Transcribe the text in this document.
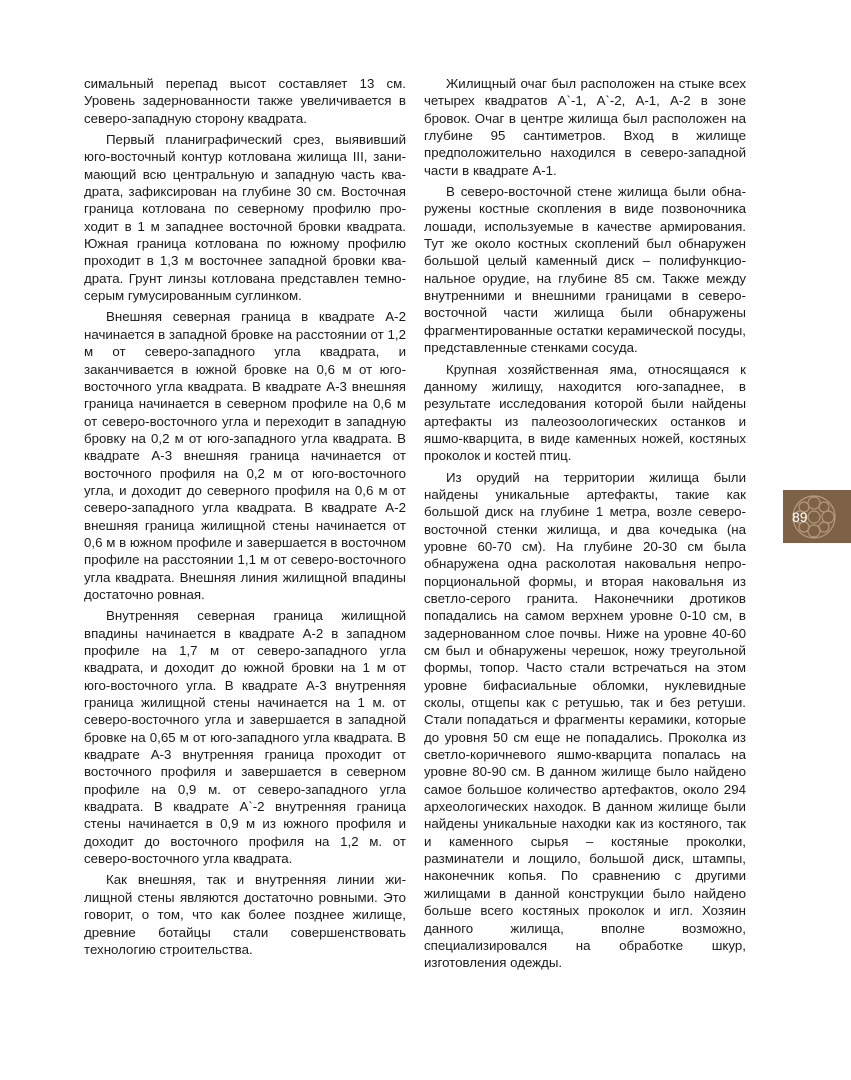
симальный перепад высот составляет 13 см. Уровень задернованности также увеличивается в северо-западную сторону квадрата.

Первый планиграфический срез, выявивший юго-восточный контур котлована жилища III, занимающий всю центральную и западную часть квадрата, зафиксирован на глубине 30 см. Восточная граница котлована по северному профилю проходит в 1 м западнее восточной бровки квадрата. Южная граница котлована по южному профилю проходит в 1,3 м восточнее западной бровки квадрата. Грунт линзы котлована представлен темно-серым гумусированным суглинком.

Внешняя северная граница в квадрате А-2 начинается в западной бровке на расстоянии от 1,2 м от северо-западного угла квадрата, и заканчивается в южной бровке на 0,6 м от юго-восточного угла квадрата. В квадрате А-3 внешняя граница начинается в северном профиле на 0,6 м от северо-восточного угла и переходит в западную бровку на 0,2 м от юго-западного угла квадрата. В квадрате А-3 внешняя граница начинается от восточного профиля на 0,2 м от юго-восточного угла, и доходит до северного профиля на 0,6 м от северо-западного угла квадрата. В квадрате А-2 внешняя граница жилищной стены начинается от 0,6 м в южном профиле и завершается в восточном профиле на расстоянии 1,1 м от северо-восточного угла квадрата. Внешняя линия жилищной впадины достаточно ровная.

Внутренняя северная граница жилищной впадины начинается в квадрате А-2 в западном профиле на 1,7 м от северо-западного угла квадрата, и доходит до южной бровки на 1 м от юго-восточного угла. В квадрате А-3 внутренняя граница жилищной стены начинается на 1 м. от северо-восточного угла и завершается в западной бровке на 0,65 м от юго-западного угла квадрата. В квадрате А-3 внутренняя граница проходит от восточного профиля и завершается в северном профиле на 0,9 м. от северо-западного угла квадрата. В квадрате А`-2 внутренняя граница стены начинается в 0,9 м из южного профиля и доходит до восточного профиля на 1,2 м. от северо-восточного угла квадрата.

Как внешняя, так и внутренняя линии жилищной стены являются достаточно ровными. Это говорит, о том, что как более позднее жилище, древние ботайцы стали совершенствовать технологию строительства.

Жилищный очаг был расположен на стыке всех четырех квадратов А`-1, А`-2, А-1, А-2 в зоне бровок. Очаг в центре жилища был расположен на глубине 95 сантиметров. Вход в жилище предположительно находился в северо-западной части в квадрате А-1.

В северо-восточной стене жилища были обнаружены костные скопления в виде позвоночника лошади, используемые в качестве армирования. Тут же около костных скоплений был обнаружен большой целый каменный диск – полифункциональное орудие, на глубине 85 см. Также между внутренними и внешними границами в северо-восточной части жилища были обнаружены фрагментированные остатки керамической посуды, представленные стенками сосуда.

Крупная хозяйственная яма, относящаяся к данному жилищу, находится юго-западнее, в результате исследования которой были найдены артефакты из палеозоологических останков и яшмо-кварцита, в виде каменных ножей, костяных проколок и костей птиц.

Из орудий на территории жилища были найдены уникальные артефакты, такие как большой диск на глубине 1 метра, возле северо-восточной стенки жилища, и два кочедыка (на уровне 60-70 см). На глубине 20-30 см была обнаружена одна расколотая наковальня непропорциональной формы, и вторая наковальня из светло-серого гранита. Наконечники дротиков попадались на самом верхнем уровне 0-10 см, в задернованном слое почвы. Ниже на уровне 40-60 см был и обнаружены черешок, ножу треугольной формы, топор. Часто стали встречаться на этом уровне бифасиальные обломки, нуклевидные сколы, отщепы как с ретушью, так и без ретуши. Стали попадаться и фрагменты керамики, которые до уровня 50 см еще не попадались. Проколка из светло-коричневого яшмо-кварцита попалась на уровне 80-90 см. В данном жилище было найдено самое большое количество артефактов, около 294 археологических находок. В данном жилище были найдены уникальные находки как из костяного, так и каменного сырья – костяные проколки, разминатели и лощило, большой диск, штампы, наконечник копья. По сравнению с другими жилищами в данной конструкции было найдено больше всего костяных проколок и игл. Хозяин данного жилища, вполне возможно, специализировался на обработке шкур, изготовления одежды.

89
